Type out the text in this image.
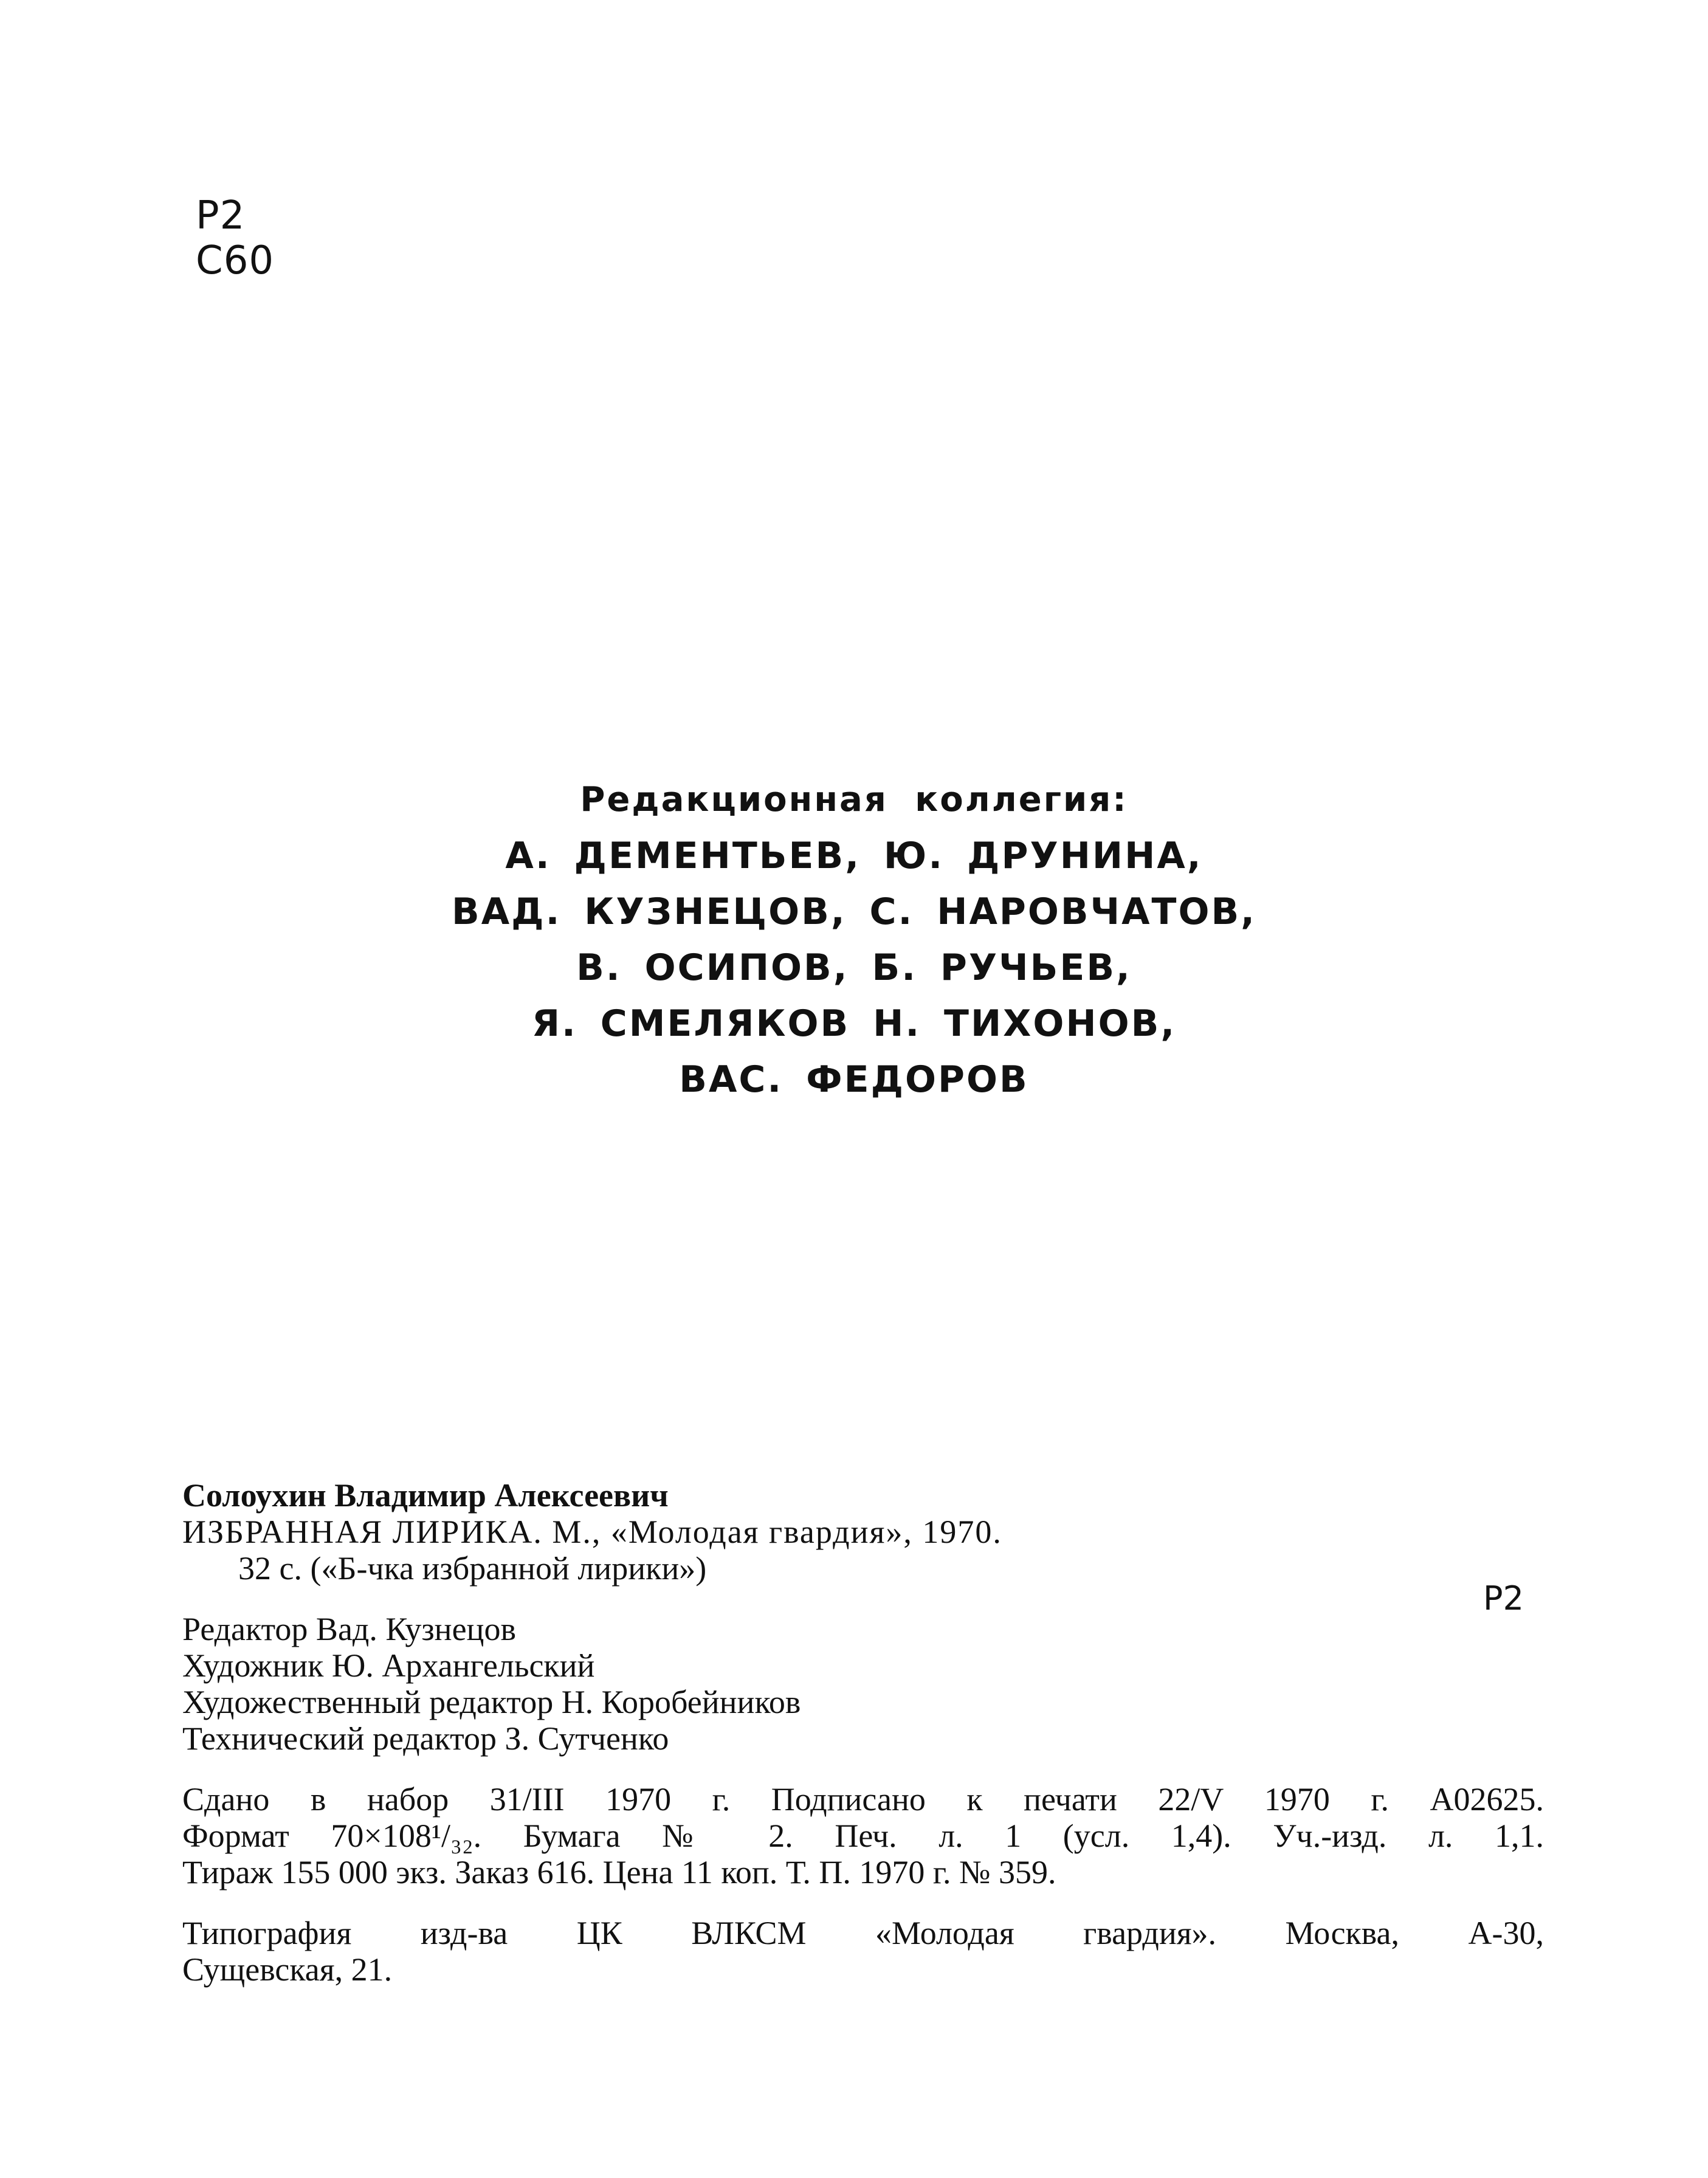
Р2
С60
Редакционная коллегия:
А. ДЕМЕНТЬЕВ, Ю. ДРУНИНА,
ВАД. КУЗНЕЦОВ, С. НАРОВЧАТОВ,
В. ОСИПОВ, Б. РУЧЬЕВ,
Я. СМЕЛЯКОВ Н. ТИХОНОВ,
ВАС. ФЕДОРОВ
Солоухин Владимир Алексеевич
ИЗБРАННАЯ ЛИРИКА. М., «Молодая гвардия», 1970.
32 с. («Б-чка избранной лирики»)
Редактор Вад. Кузнецов
Художник Ю. Архангельский
Художественный редактор Н. Коробейников
Технический редактор З. Сутченко
Сдано в набор 31/III 1970 г. Подписано к печати 22/V 1970 г. А02625.
Формат 70×108¹/₃₂. Бумага № 2. Печ. л. 1 (усл. 1,4). Уч.-изд. л. 1,1.
Тираж 155 000 экз. Заказ 616. Цена 11 коп. Т. П. 1970 г. № 359.
Типография изд-ва ЦК ВЛКСМ «Молодая гвардия». Москва, А-30,
Сущевская, 21.
Р2
